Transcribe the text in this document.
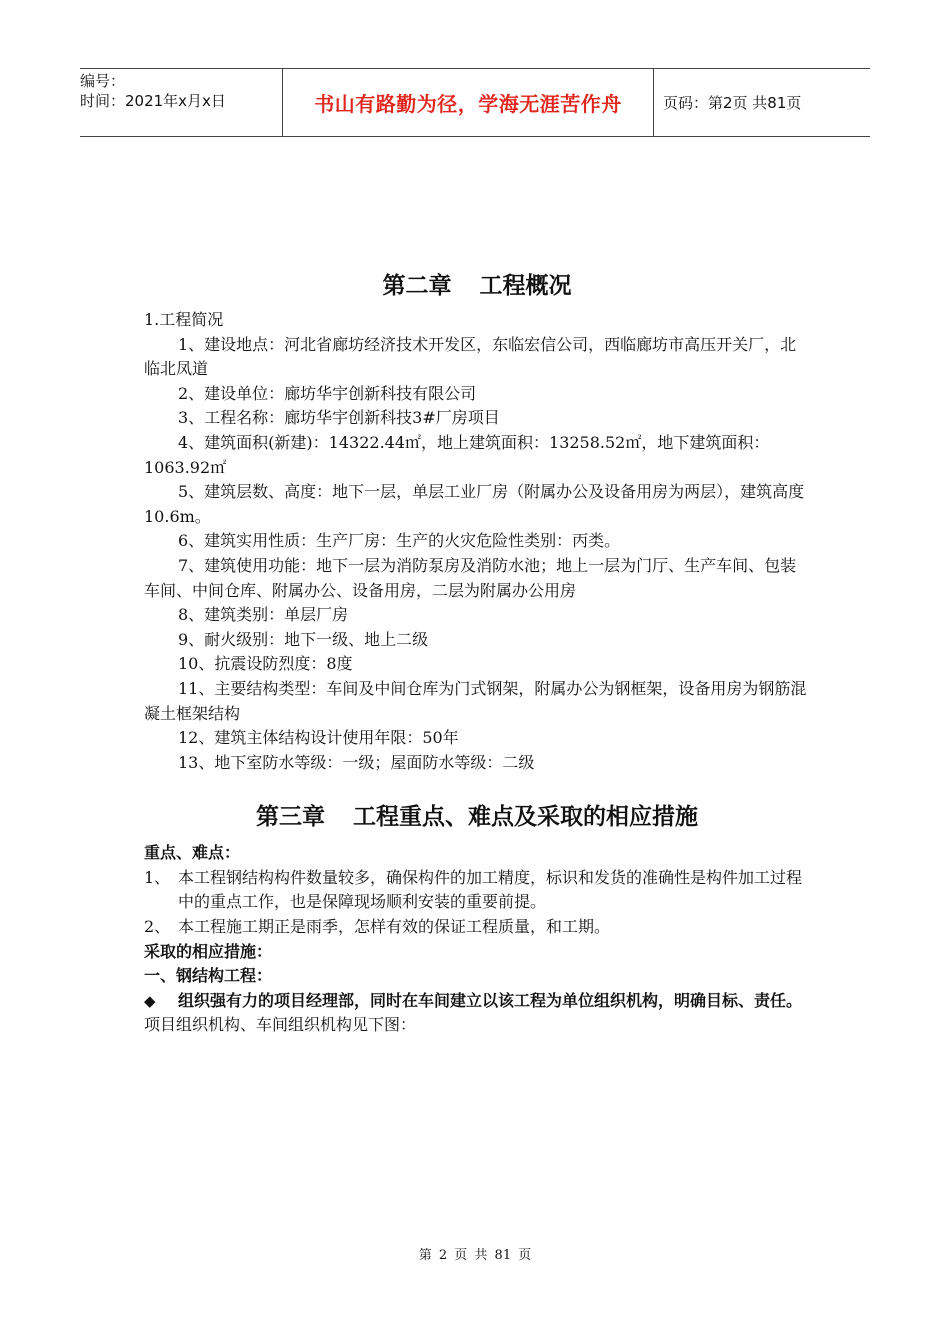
编号：
时间：2021年x月x日	书山有路勤为径，学海无涯苦作舟	页码：第2页 共81页
第二章 工程概况

1.工程简况

1、建设地点：河北省廊坊经济技术开发区，东临宏信公司，西临廊坊市高压开关厂，北临北凤道

2、建设单位：廊坊华宇创新科技有限公司

3、工程名称：廊坊华宇创新科技3#厂房项目

4、建筑面积(新建)：14322.44㎡，地上建筑面积：13258.52㎡，地下建筑面积：1063.92㎡

5、建筑层数、高度：地下一层，单层工业厂房（附属办公及设备用房为两层），建筑高度10.6m。

6、建筑实用性质：生产厂房：生产的火灾危险性类别：丙类。

7、建筑使用功能：地下一层为消防泵房及消防水池；地上一层为门厅、生产车间、包装车间、中间仓库、附属办公、设备用房，二层为附属办公用房

8、建筑类别：单层厂房

9、耐火级别：地下一级、地上二级

10、抗震设防烈度：8度

11、主要结构类型：车间及中间仓库为门式钢架，附属办公为钢框架，设备用房为钢筋混凝土框架结构

12、建筑主体结构设计使用年限：50年

13、地下室防水等级：一级；屋面防水等级：二级

第三章 工程重点、难点及采取的相应措施

重点、难点：

1、 本工程钢结构构件数量较多，确保构件的加工精度，标识和发货的准确性是构件加工过程中的重点工作，也是保障现场顺利安装的重要前提。

2、 本工程施工期正是雨季，怎样有效的保证工程质量，和工期。

采取的相应措施：

一、钢结构工程：

◆ 组织强有力的项目经理部，同时在车间建立以该工程为单位组织机构，明确目标、责任。

项目组织机构、车间组织机构见下图：

第 2 页 共 81 页
